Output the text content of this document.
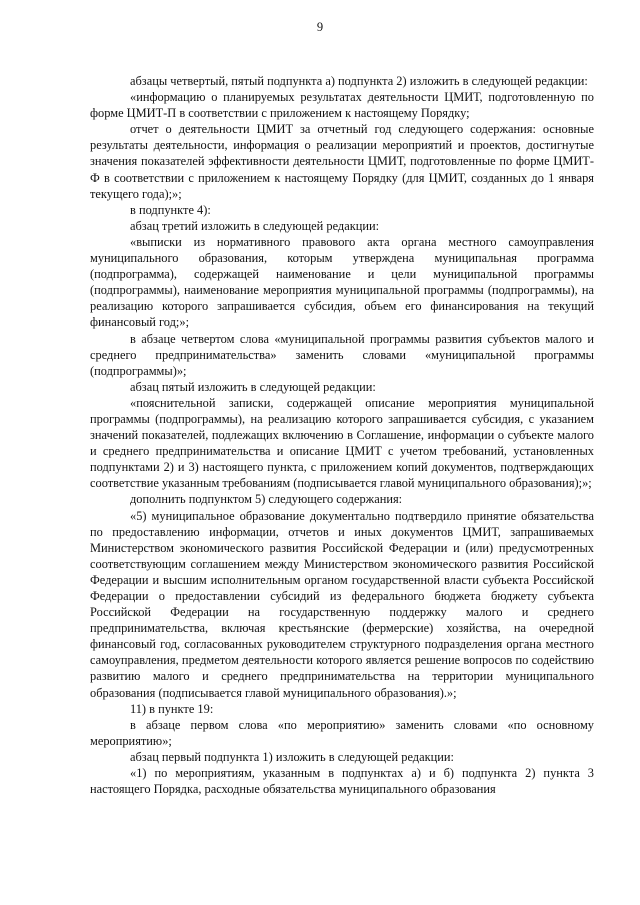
9

абзацы четвертый, пятый подпункта а) подпункта 2) изложить в следующей редакции:

«информацию о планируемых результатах деятельности ЦМИТ, подготовленную по форме ЦМИТ-П в соответствии с приложением к настоящему Порядку;

отчет о деятельности ЦМИТ за отчетный год следующего содержания: основные результаты деятельности, информация о реализации мероприятий и проектов, достигнутые значения показателей эффективности деятельности ЦМИТ, подготовленные по форме ЦМИТ-Ф в соответствии с приложением к настоящему Порядку (для ЦМИТ, созданных до 1 января текущего года);»;

в подпункте 4):

абзац третий изложить в следующей редакции:

«выписки из нормативного правового акта органа местного самоуправления муниципального образования, которым утверждена муниципальная программа (подпрограмма), содержащей наименование и цели муниципальной программы (подпрограммы), наименование мероприятия муниципальной программы (подпрограммы), на реализацию которого запрашивается субсидия, объем его финансирования на текущий финансовый год;»;

в абзаце четвертом слова «муниципальной программы развития субъектов малого и среднего предпринимательства» заменить словами «муниципальной программы (подпрограммы)»;

абзац пятый изложить в следующей редакции:

«пояснительной записки, содержащей описание мероприятия муниципальной программы (подпрограммы), на реализацию которого запрашивается субсидия, с указанием значений показателей, подлежащих включению в Соглашение, информации о субъекте малого и среднего предпринимательства и описание ЦМИТ с учетом требований, установленных подпунктами 2) и 3) настоящего пункта, с приложением копий документов, подтверждающих соответствие указанным требованиям (подписывается главой муниципального образования);»;

дополнить подпунктом 5) следующего содержания:

«5) муниципальное образование документально подтвердило принятие обязательства по предоставлению информации, отчетов и иных документов ЦМИТ, запрашиваемых Министерством экономического развития Российской Федерации и (или) предусмотренных соответствующим соглашением между Министерством экономического развития Российской Федерации и высшим исполнительным органом государственной власти субъекта Российской Федерации о предоставлении субсидий из федерального бюджета бюджету субъекта Российской Федерации на государственную поддержку малого и среднего предпринимательства, включая крестьянские (фермерские) хозяйства, на очередной финансовый год, согласованных руководителем структурного подразделения органа местного самоуправления, предметом деятельности которого является решение вопросов по содействию развитию малого и среднего предпринимательства на территории муниципального образования (подписывается главой муниципального образования).»;

11) в пункте 19:

в абзаце первом слова «по мероприятию» заменить словами «по основному мероприятию»;

абзац первый подпункта 1) изложить в следующей редакции:

«1) по мероприятиям, указанным в подпунктах а) и б) подпункта 2) пункта 3 настоящего Порядка, расходные обязательства муниципального образования
